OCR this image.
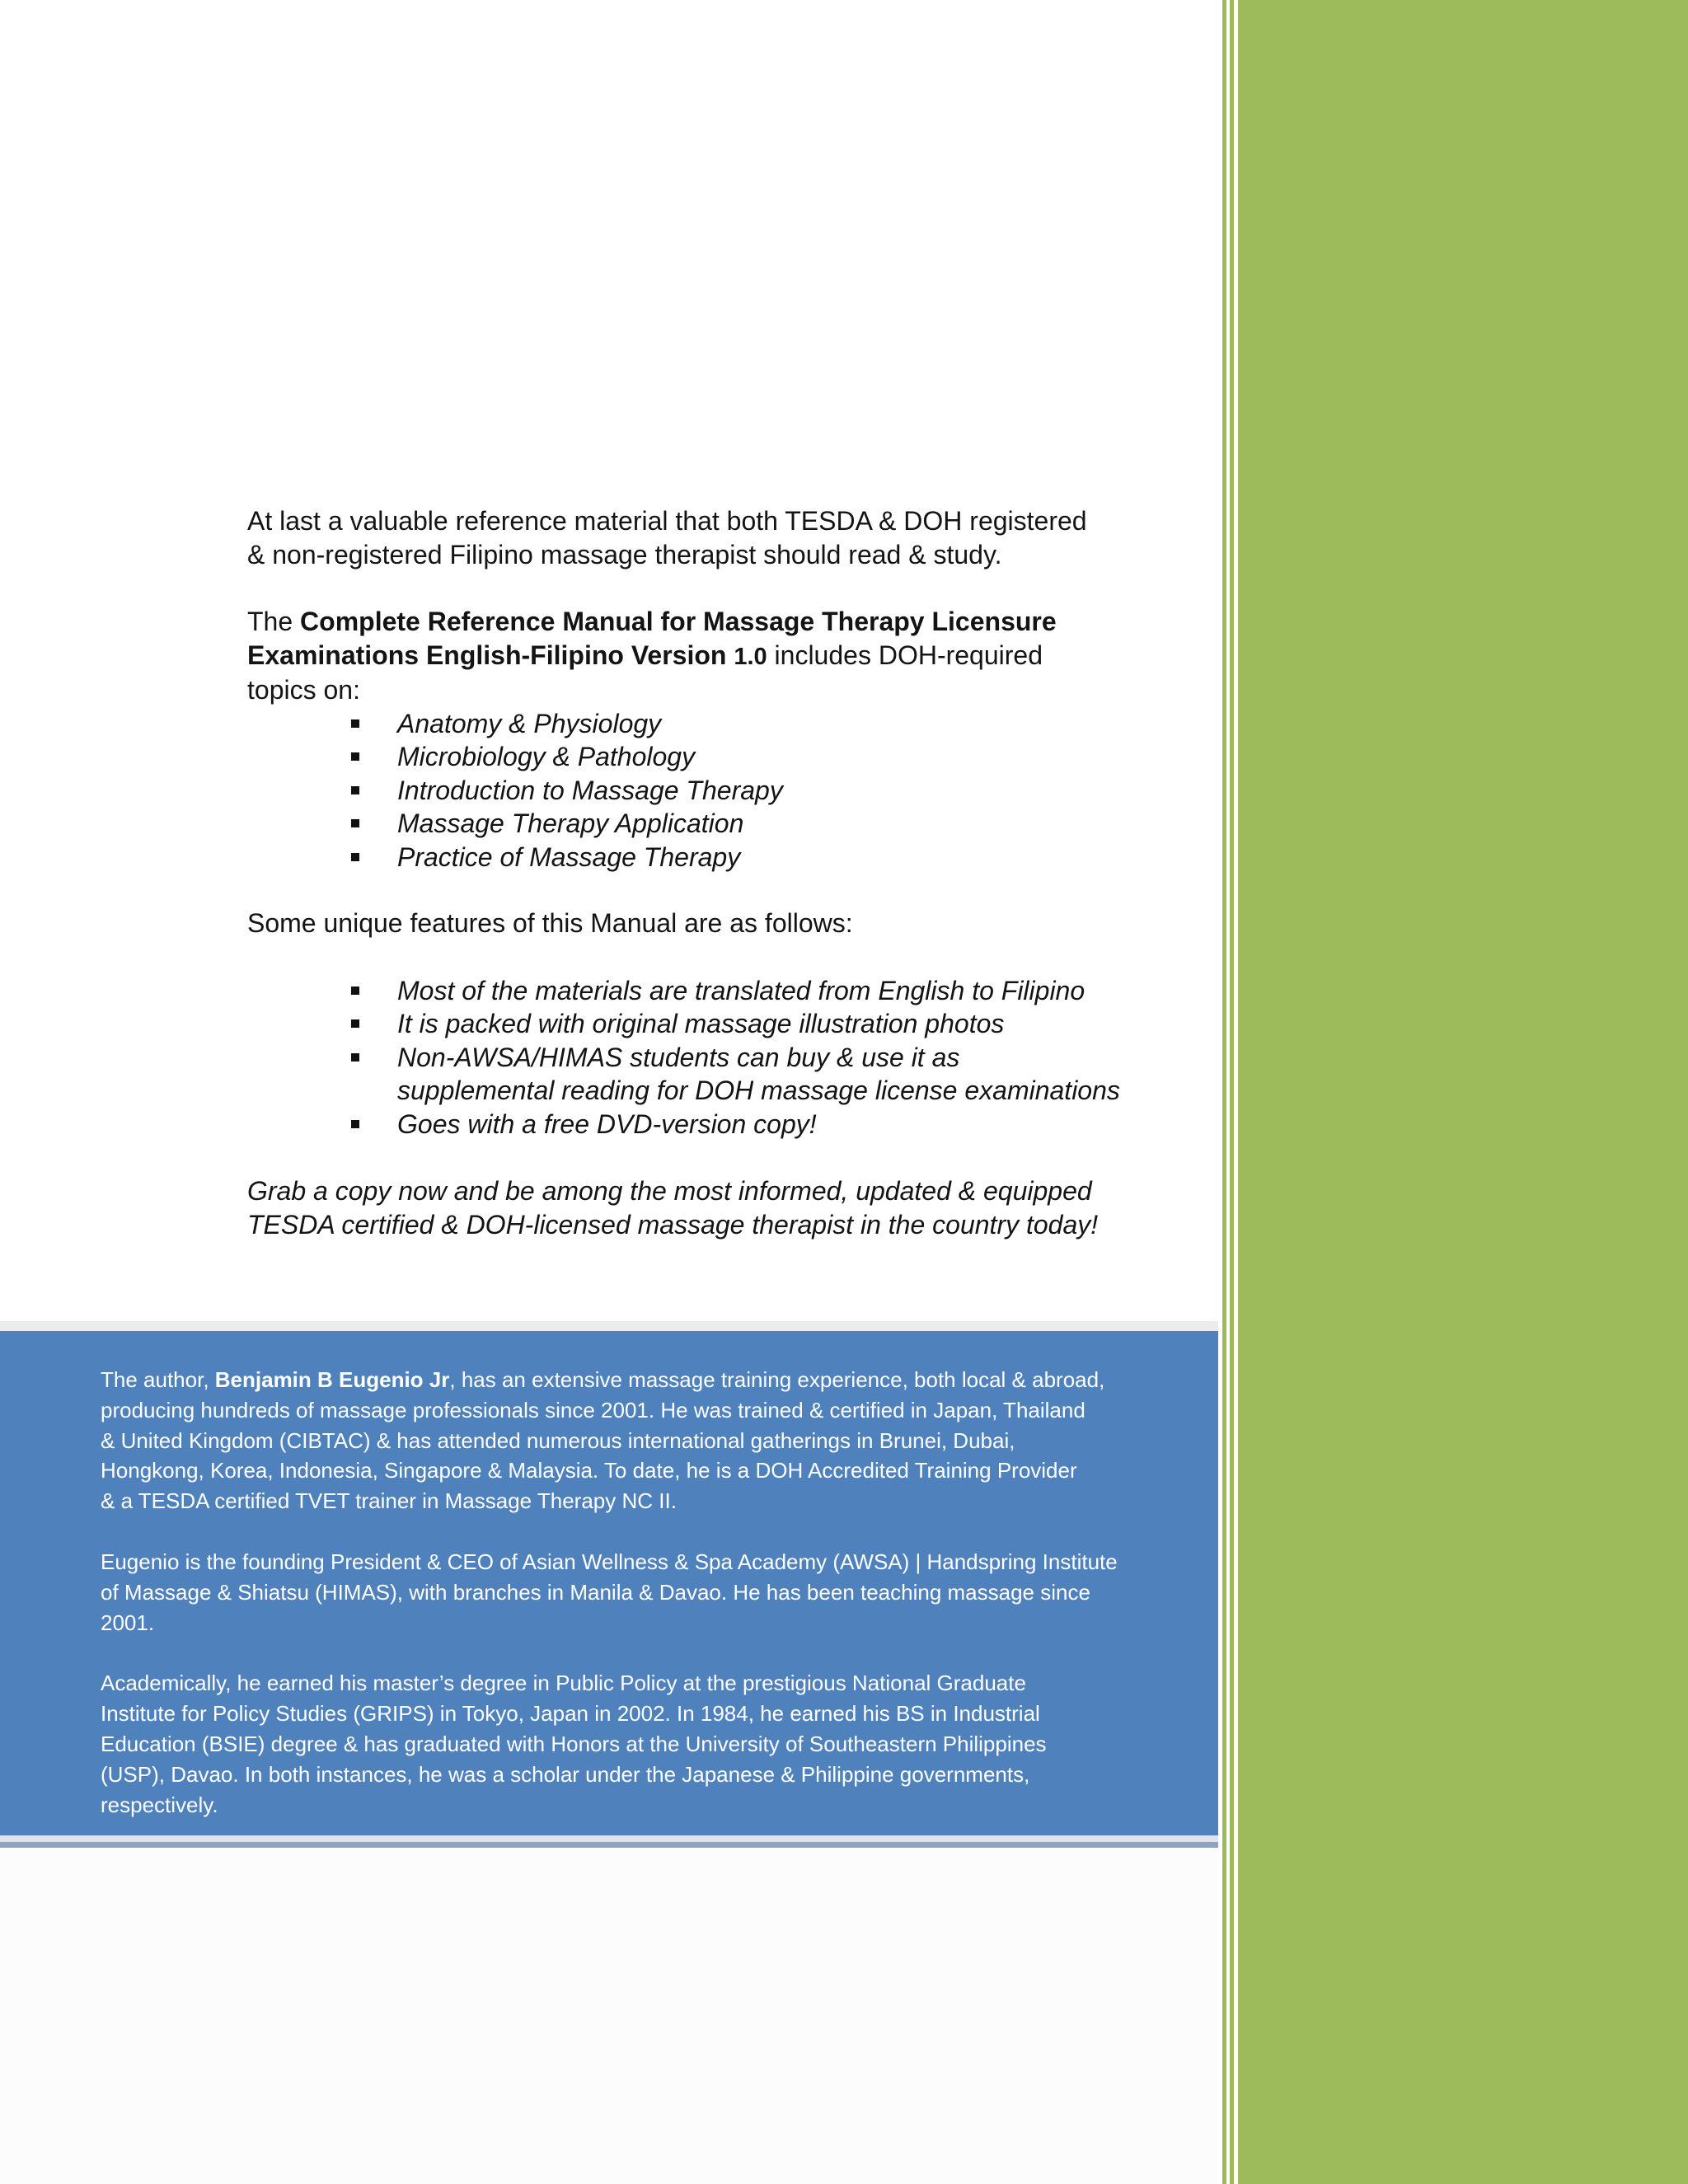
At last a valuable reference material that both TESDA & DOH registered
& non-registered Filipino massage therapist should read & study.

The Complete Reference Manual for Massage Therapy Licensure Examinations English-Filipino Version 1.0 includes DOH-required topics on:

Anatomy & Physiology
Microbiology & Pathology
Introduction to Massage Therapy
Massage Therapy Application
Practice of Massage Therapy

Some unique features of this Manual are as follows:

Most of the materials are translated from English to Filipino
It is packed with original massage illustration photos
Non-AWSA/HIMAS students can buy & use it as supplemental reading for DOH massage license examinations
Goes with a free DVD-version copy!

Grab a copy now and be among the most informed, updated & equipped
TESDA certified & DOH-licensed massage therapist in the country today!

The author, Benjamin B Eugenio Jr, has an extensive massage training experience, both local & abroad,
producing hundreds of massage professionals since 2001. He was trained & certified in Japan, Thailand
& United Kingdom (CIBTAC) & has attended numerous international gatherings in Brunei, Dubai,
Hongkong, Korea, Indonesia, Singapore & Malaysia. To date, he is a DOH Accredited Training Provider
& a TESDA certified TVET trainer in Massage Therapy NC II.

Eugenio is the founding President & CEO of Asian Wellness & Spa Academy (AWSA) | Handspring Institute
of Massage & Shiatsu (HIMAS), with branches in Manila & Davao. He has been teaching massage since
2001.

Academically, he earned his master’s degree in Public Policy at the prestigious National Graduate
Institute for Policy Studies (GRIPS) in Tokyo, Japan in 2002. In 1984, he earned his BS in Industrial
Education (BSIE) degree & has graduated with Honors at the University of Southeastern Philippines
(USP), Davao. In both instances, he was a scholar under the Japanese & Philippine governments,
respectively.
